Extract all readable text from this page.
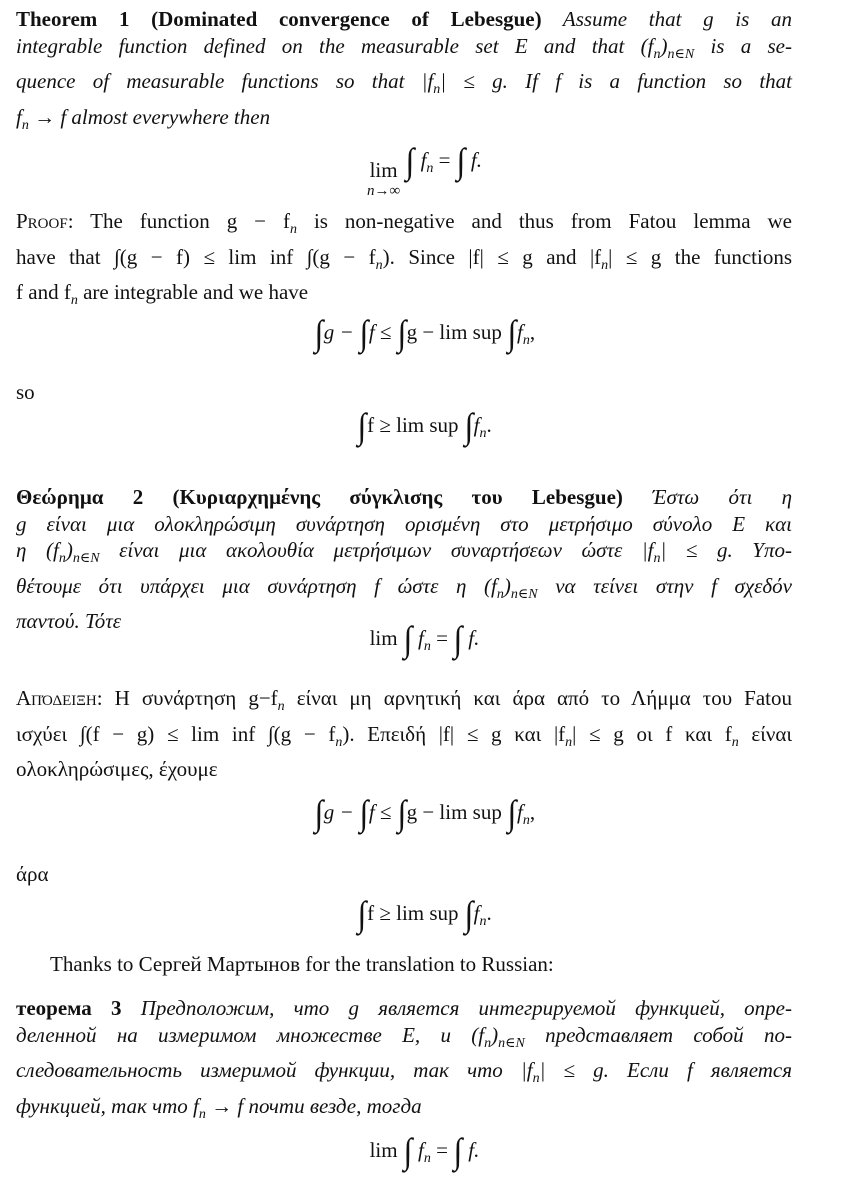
Theorem 1 (Dominated convergence of Lebesgue) Assume that g is an
integrable function defined on the measurable set E and that $(f_n)_{n\in N}$ is a se-
quence of measurable functions so that $|f_n| \le g$. If f is a function so that
$f_n \to f$ almost everywhere then
lim
n→∞
∫ $f_n$ = ∫ f.
Proof: The function $g - f_n$ is non-negative and thus from Fatou lemma we
have that ∫(g − f) ≤ lim inf $\int(g - f_n)$. Since |f| ≤ g and $|f_n| \le g$ the functions
f and $f_n$ are integrable and we have
∫g − ∫f ≤ ∫g − lim sup $\int f_n$,
so
∫f ≥ lim sup $\int f_n$.
Θεώρημα 2 (Κυριαρχημένης σύγκλισης του Lebesgue) Έστω ότι η
g είναι μια ολοκληρώσιμη συνάρτηση ορισμένη στο μετρήσιμο σύνολο E και
η $(f_n)_{n\in N}$ είναι μια ακολουθία μετρήσιμων συναρτήσεων ώστε $|f_n| \le g$. Υπο-
θέτουμε ότι υπάρχει μια συνάρτηση f ώστε η $(f_n)_{n\in N}$ να τείνει στην f σχεδόν
παντού. Τότε
lim ∫ $f_n$ = ∫ f.
Απόδειξη: Η συνάρτηση $g-f_n$ είναι μη αρνητική και άρα από το Λήμμα του Fatou
ισχύει ∫(f − g) ≤ lim inf $\int(g - f_n)$. Επειδή |f| ≤ g και $|f_n| \le g$ οι f και $f_n$ είναι
ολοκληρώσιμες, έχουμε
∫g − ∫f ≤ ∫g − lim sup $\int f_n$,
άρα
∫f ≥ lim sup $\int f_n$.
Thanks to Сергей Мартынов for the translation to Russian:
теорема 3 Предположим, что g является интегрируемой функцией, опре-
деленной на измеримом множестве E, и $(f_n)_{n\in N}$ представляет собой по-
следовательность измеримой функции, так что $|f_n| \le g$. Если f является
функцией, так что $f_n \to f$ почти везде, тогда
lim ∫ $f_n$ = ∫ f.
